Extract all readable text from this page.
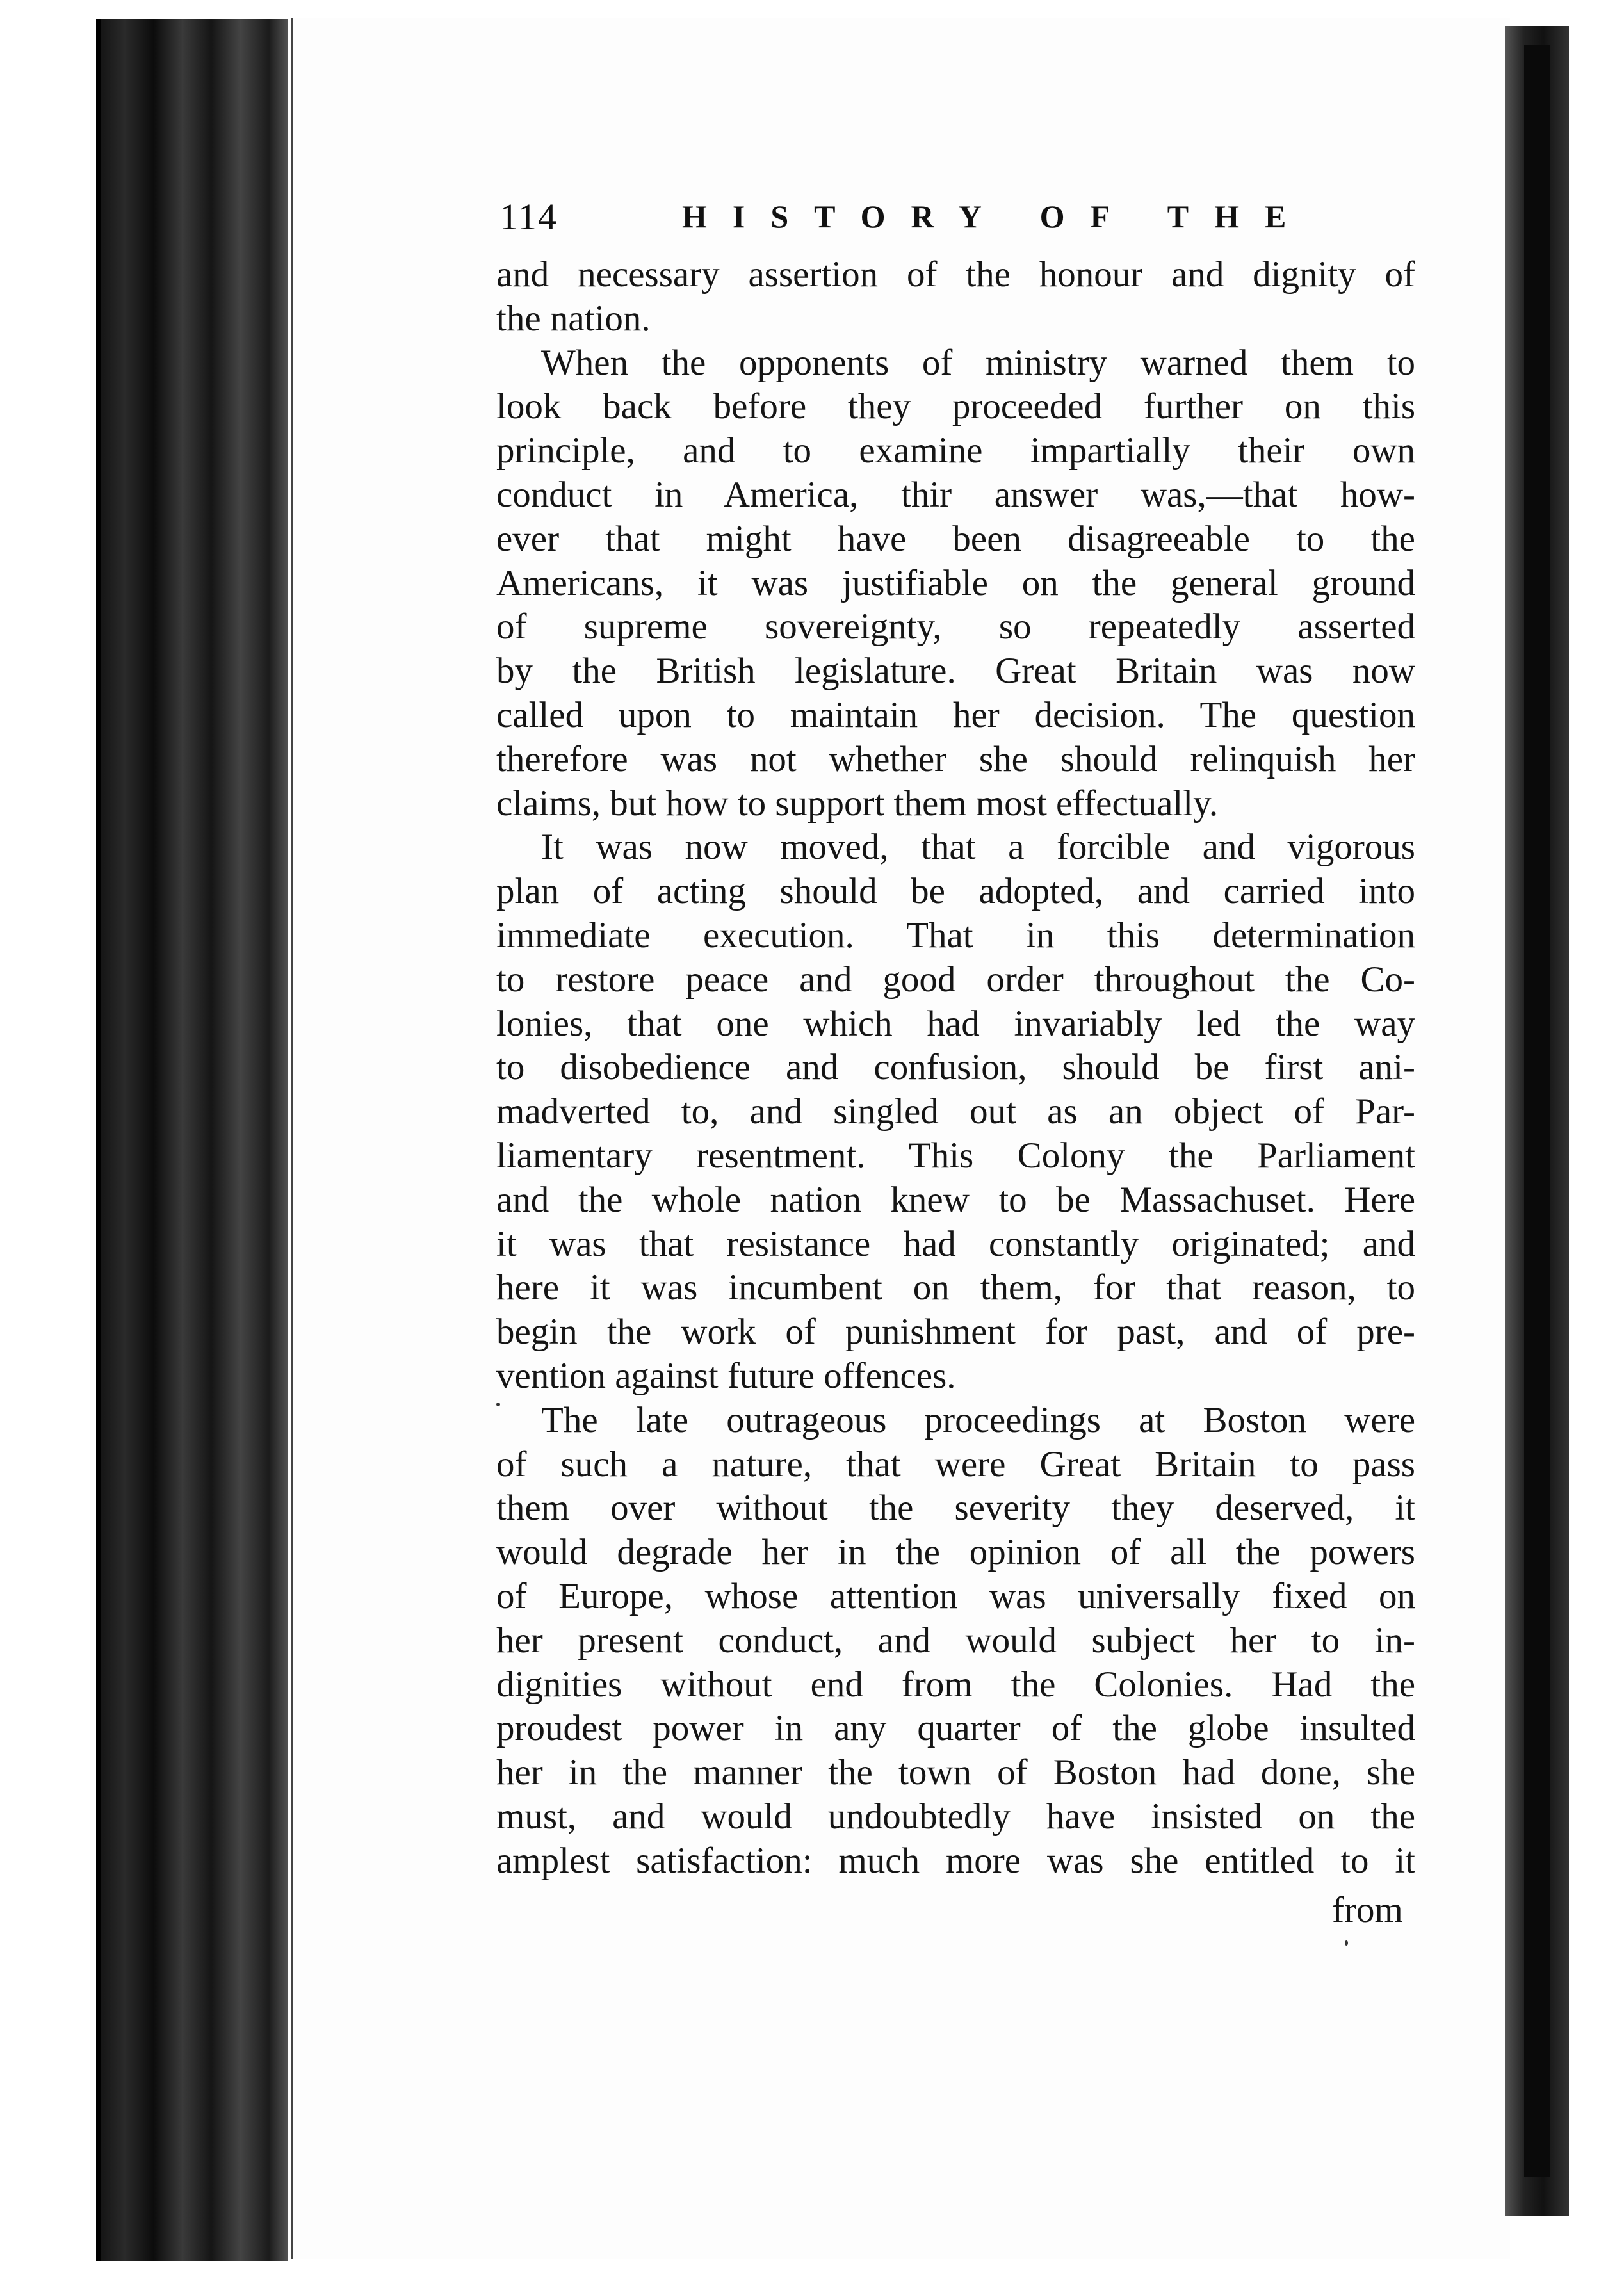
114	HISTORY OF THE
and necessary assertion of the honour and dignity of
the nation.
When the opponents of ministry warned them to
look back before they proceeded further on this
principle, and to examine impartially their own
conduct in America, thir answer was,—that how-
ever that might have been disagreeable to the
Americans, it was justifiable on the general ground
of supreme sovereignty, so repeatedly asserted
by the British legislature. Great Britain was now
called upon to maintain her decision. The question
therefore was not whether she should relinquish her
claims, but how to support them most effectually.
It was now moved, that a forcible and vigorous
plan of acting should be adopted, and carried into
immediate execution. That in this determination
to restore peace and good order throughout the Co-
lonies, that one which had invariably led the way
to disobedience and confusion, should be first ani-
madverted to, and singled out as an object of Par-
liamentary resentment. This Colony the Parliament
and the whole nation knew to be Massachuset. Here
it was that resistance had constantly originated; and
here it was incumbent on them, for that reason, to
begin the work of punishment for past, and of pre-
vention against future offences.
The late outrageous proceedings at Boston were
of such a nature, that were Great Britain to pass
them over without the severity they deserved, it
would degrade her in the opinion of all the powers
of Europe, whose attention was universally fixed on
her present conduct, and would subject her to in-
dignities without end from the Colonies. Had the
proudest power in any quarter of the globe insulted
her in the manner the town of Boston had done, she
must, and would undoubtedly have insisted on the
amplest satisfaction: much more was she entitled to it
from
